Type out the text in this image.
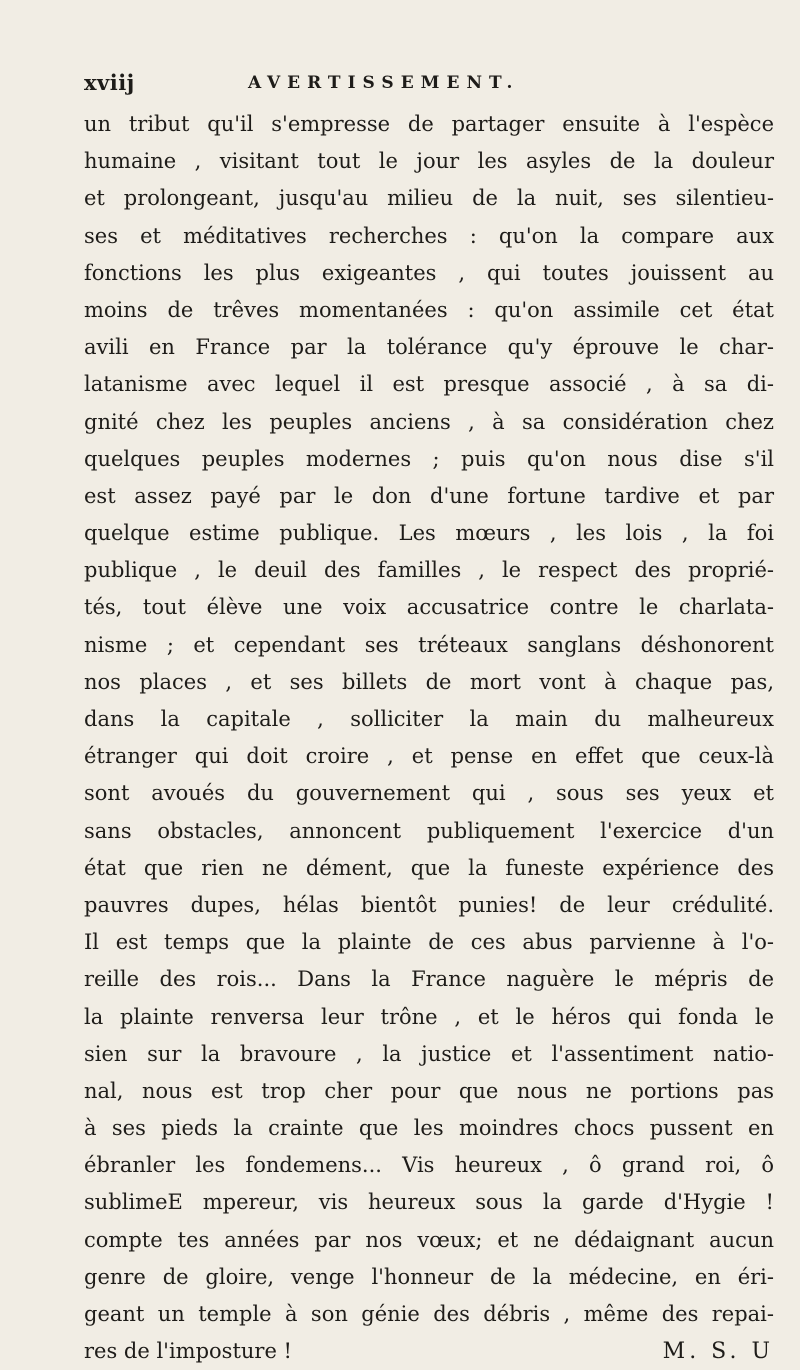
xviij	AVERTISSEMENT.
un tribut qu'il s'empresse de partager ensuite à l'espèce
humaine , visitant tout le jour les asyles de la douleur
et prolongeant, jusqu'au milieu de la nuit, ses silentieu-
ses et méditatives recherches : qu'on la compare aux
fonctions les plus exigeantes , qui toutes jouissent au
moins de trêves momentanées : qu'on assimile cet état
avili en France par la tolérance qu'y éprouve le char-
latanisme avec lequel il est presque associé , à sa di-
gnité chez les peuples anciens , à sa considération chez
quelques peuples modernes ; puis qu'on nous dise s'il
est assez payé par le don d'une fortune tardive et par
quelque estime publique. Les mœurs , les lois , la foi
publique , le deuil des familles , le respect des proprié-
tés, tout élève une voix accusatrice contre le charlata-
nisme ; et cependant ses tréteaux sanglans déshonorent
nos places , et ses billets de mort vont à chaque pas,
dans la capitale , solliciter la main du malheureux
étranger qui doit croire , et pense en effet que ceux-là
sont avoués du gouvernement qui , sous ses yeux et
sans obstacles, annoncent publiquement l'exercice d'un
état que rien ne dément, que la funeste expérience des
pauvres dupes, hélas bientôt punies! de leur crédulité.
Il est temps que la plainte de ces abus parvienne à l'o-
reille des rois... Dans la France naguère le mépris de
la plainte renversa leur trône , et le héros qui fonda le
sien sur la bravoure , la justice et l'assentiment natio-
nal, nous est trop cher pour que nous ne portions pas
à ses pieds la crainte que les moindres chocs pussent en
ébranler les fondemens... Vis heureux , ô grand roi, ô
sublimeE mpereur, vis heureux sous la garde d'Hygie !
compte tes années par nos vœux; et ne dédaignant aucun
genre de gloire, venge l'honneur de la médecine, en éri-
geant un temple à son génie des débris , même des repai-
res de l'imposture !	M. S. U
